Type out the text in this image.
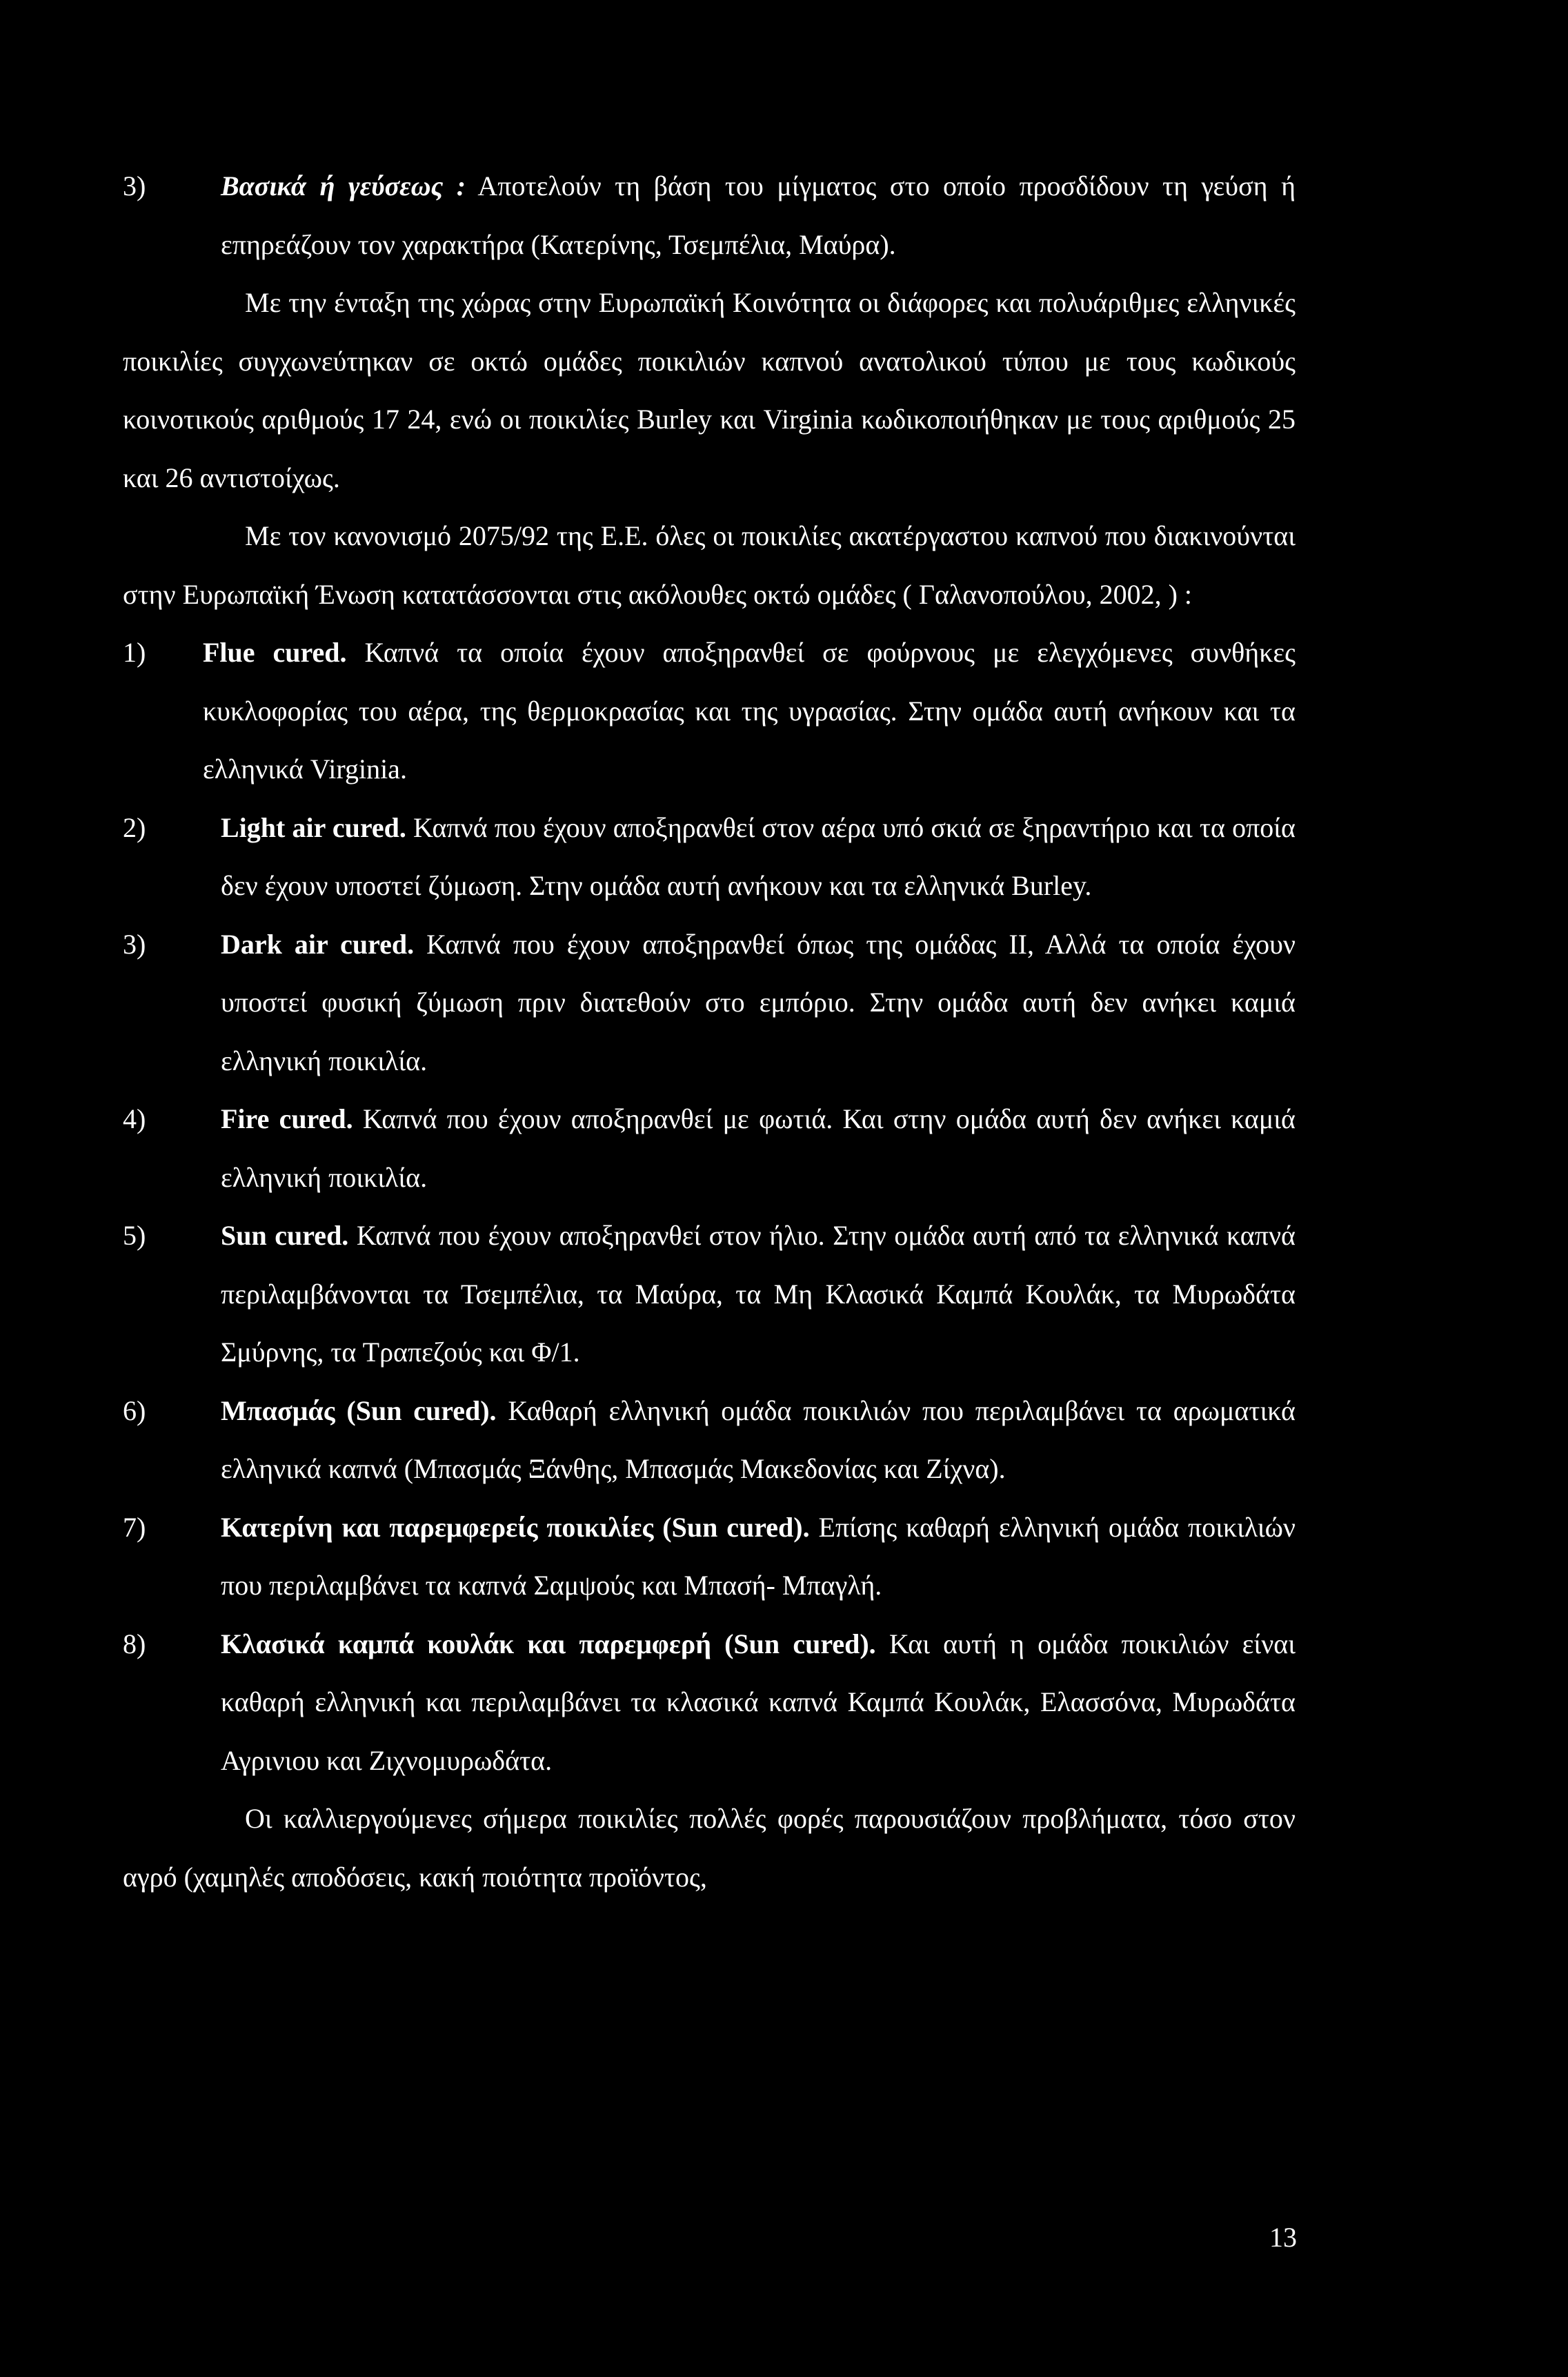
3)	Βασικά ή γεύσεως : Αποτελούν τη βάση του μίγματος στο οποίο προσδίδουν τη γεύση ή επηρεάζουν τον χαρακτήρα (Κατερίνης, Τσεμπέλια, Μαύρα).

Με την ένταξη της χώρας στην Ευρωπαϊκή Κοινότητα οι διάφορες και πολυάριθμες ελληνικές ποικιλίες συγχωνεύτηκαν σε οκτώ ομάδες ποικιλιών καπνού ανατολικού τύπου με τους κωδικούς κοινοτικούς αριθμούς 17 24, ενώ οι ποικιλίες Burley και Virginia κωδικοποιήθηκαν με τους αριθμούς 25 και 26 αντιστοίχως.

Με τον κανονισμό 2075/92 της Ε.Ε. όλες οι ποικιλίες ακατέργαστου καπνού που διακινούνται στην Ευρωπαϊκή Ένωση κατατάσσονται στις ακόλουθες οκτώ ομάδες ( Γαλανοπούλου, 2002, ) :

1)	Flue cured. Καπνά τα οποία έχουν αποξηρανθεί σε φούρνους με ελεγχόμενες συνθήκες κυκλοφορίας του αέρα, της θερμοκρασίας και της υγρασίας. Στην ομάδα αυτή ανήκουν και τα ελληνικά Virginia.
2)	Light air cured. Καπνά που έχουν αποξηρανθεί στον αέρα υπό σκιά σε ξηραντήριο και τα οποία δεν έχουν υποστεί ζύμωση. Στην ομάδα αυτή ανήκουν και τα ελληνικά Burley.
3)	Dark air cured. Καπνά που έχουν αποξηρανθεί όπως της ομάδας ΙΙ, Αλλά τα οποία έχουν υποστεί φυσική ζύμωση πριν διατεθούν στο εμπόριο. Στην ομάδα αυτή δεν ανήκει καμιά ελληνική ποικιλία.
4)	Fire cured. Καπνά που έχουν αποξηρανθεί με φωτιά. Και στην ομάδα αυτή δεν ανήκει καμιά ελληνική ποικιλία.
5)	Sun cured. Καπνά που έχουν αποξηρανθεί στον ήλιο. Στην ομάδα αυτή από τα ελληνικά καπνά περιλαμβάνονται τα Τσεμπέλια, τα Μαύρα, τα Μη Κλασικά Καμπά Κουλάκ, τα Μυρωδάτα Σμύρνης, τα Τραπεζούς και Φ/1.
6)	Μπασμάς (Sun cured). Καθαρή ελληνική ομάδα ποικιλιών που περιλαμβάνει τα αρωματικά ελληνικά καπνά (Μπασμάς Ξάνθης, Μπασμάς Μακεδονίας και Ζίχνα).
7)	Κατερίνη και παρεμφερείς ποικιλίες (Sun cured). Επίσης καθαρή ελληνική ομάδα ποικιλιών που περιλαμβάνει τα καπνά Σαμψούς και Μπασή- Μπαγλή.
8)	Κλασικά καμπά κουλάκ και παρεμφερή (Sun cured). Και αυτή η ομάδα ποικιλιών είναι καθαρή ελληνική και περιλαμβάνει τα κλασικά καπνά Καμπά Κουλάκ, Ελασσόνα, Μυρωδάτα Αγρινιου και Ζιχνομυρωδάτα.

Οι καλλιεργούμενες σήμερα ποικιλίες πολλές φορές παρουσιάζουν προβλήματα, τόσο στον αγρό (χαμηλές αποδόσεις, κακή ποιότητα προϊόντος,

13
